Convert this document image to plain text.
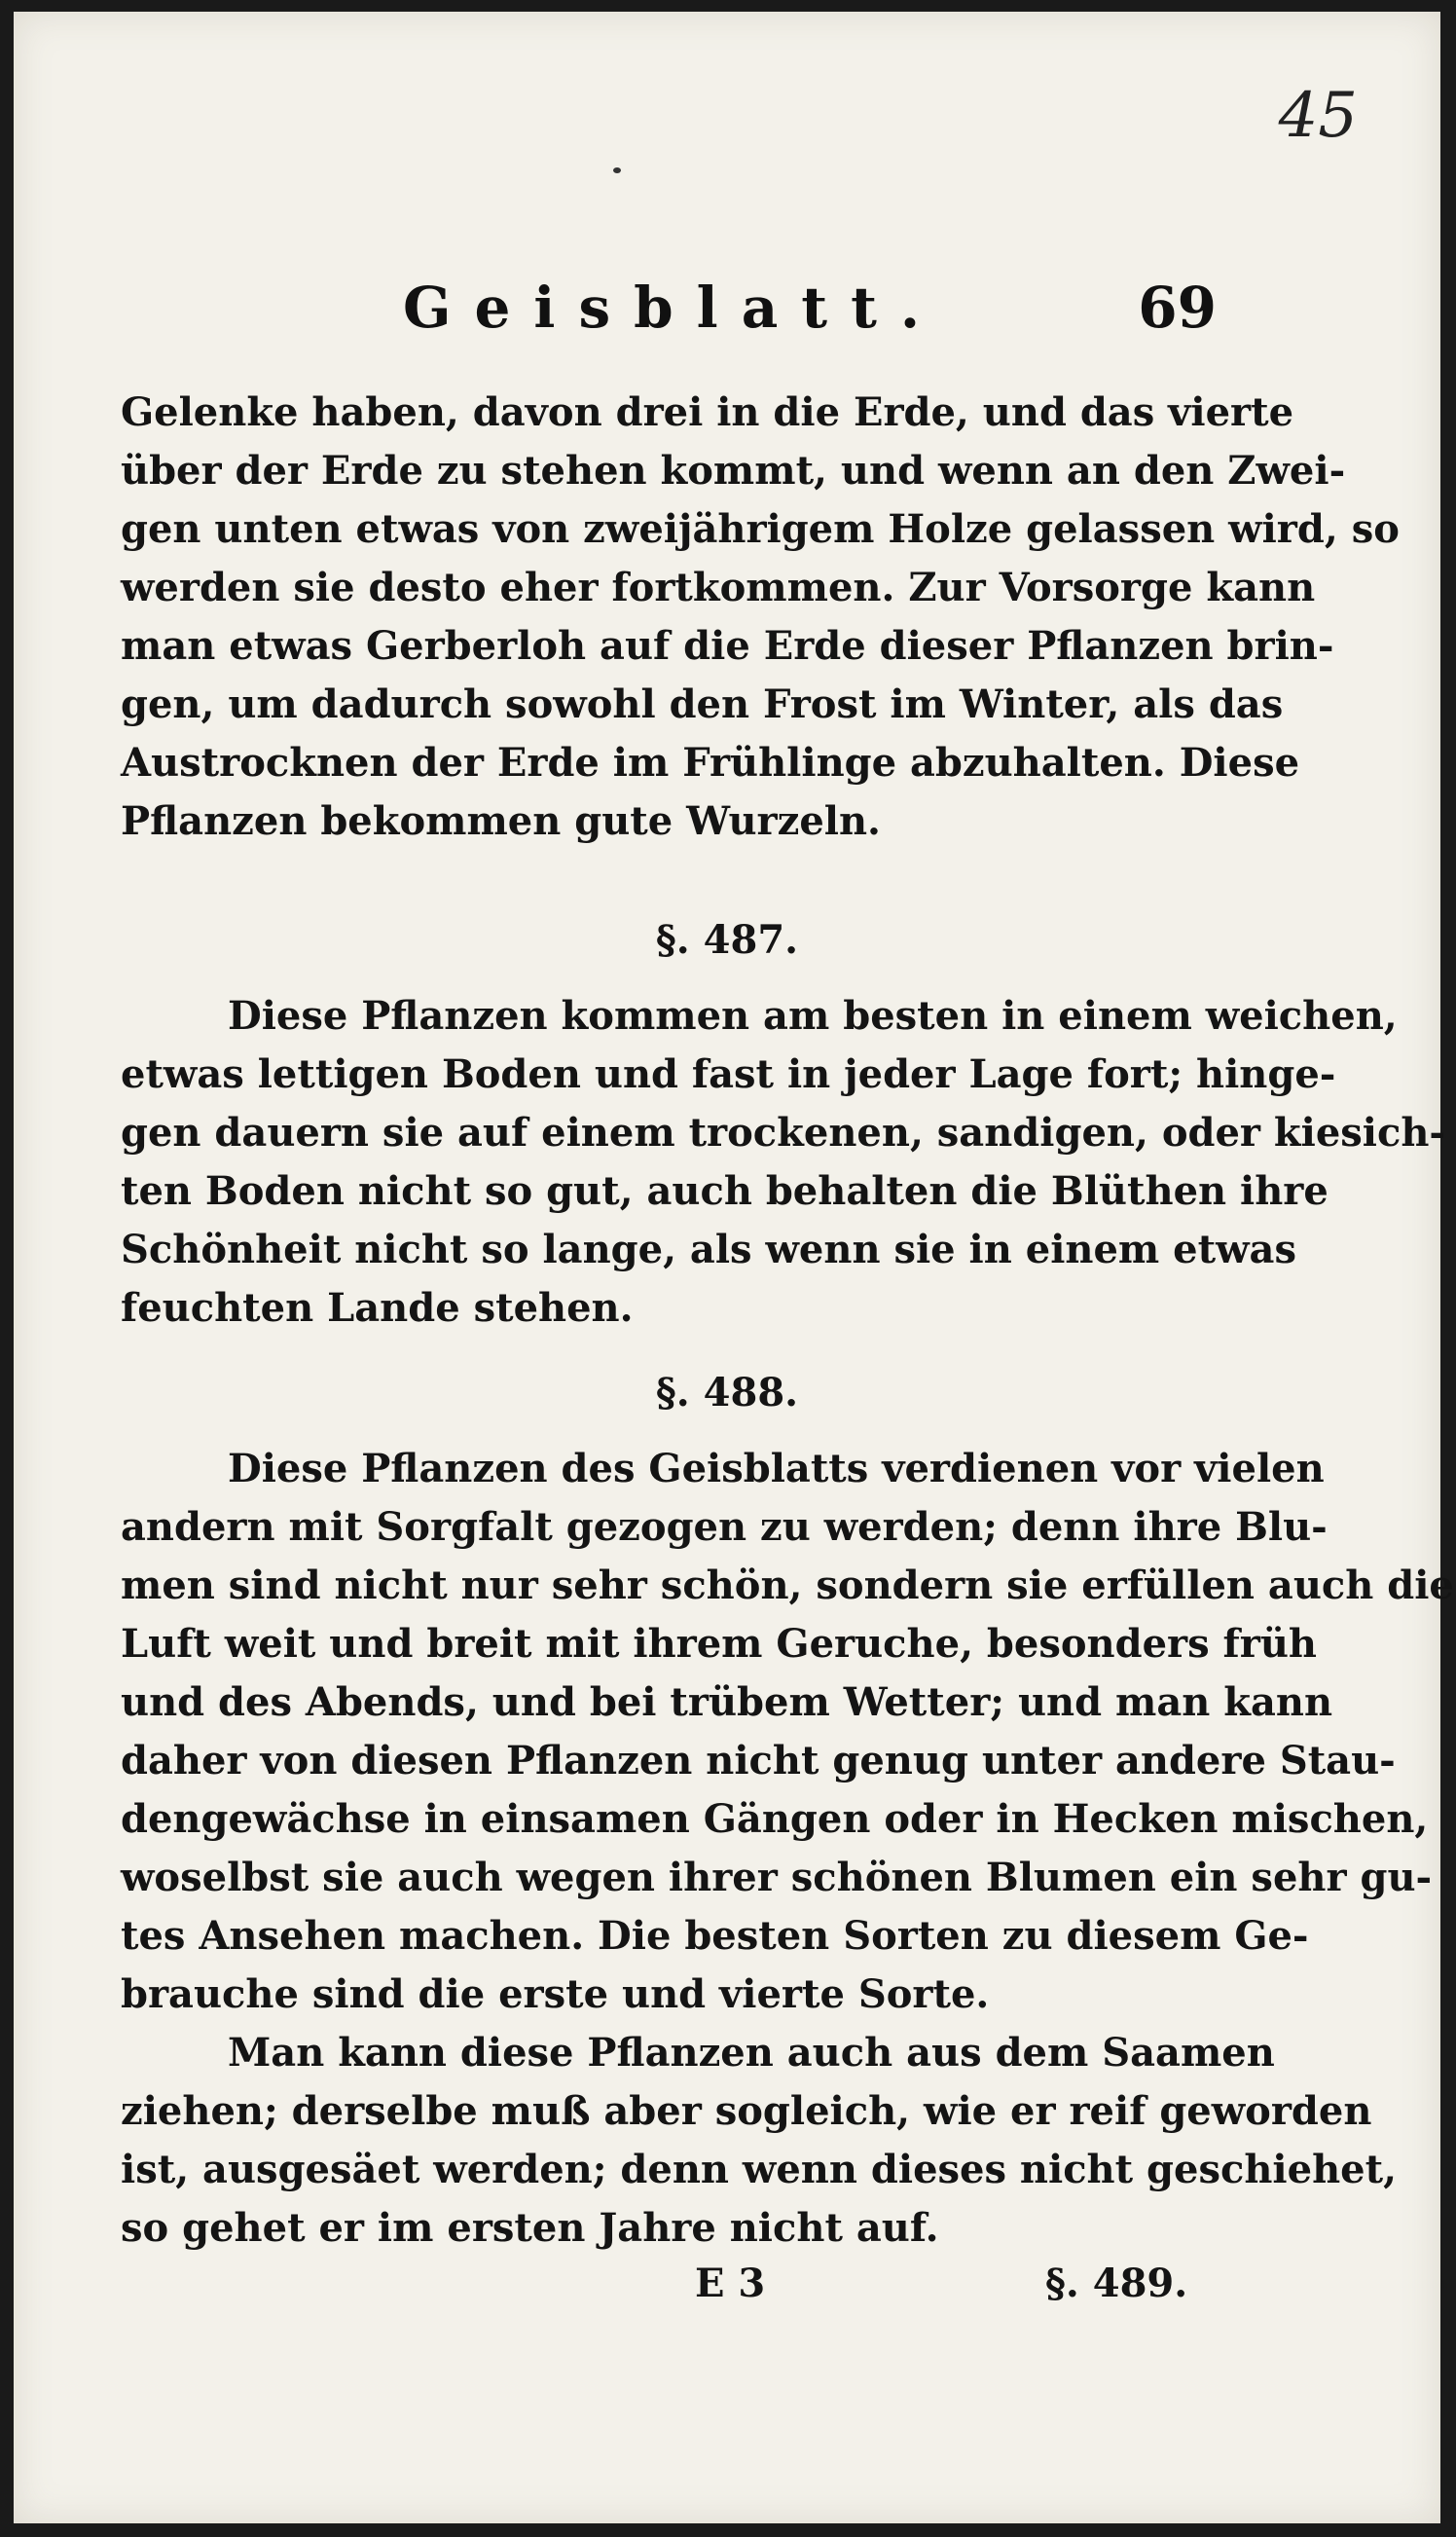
45
Geisblatt.	69
Gelenke haben, davon drei in die Erde, und das vierte
über der Erde zu stehen kommt, und wenn an den Zwei-
gen unten etwas von zweijährigem Holze gelassen wird, so
werden sie desto eher fortkommen. Zur Vorsorge kann
man etwas Gerberloh auf die Erde dieser Pflanzen brin-
gen, um dadurch sowohl den Frost im Winter, als das
Austrocknen der Erde im Frühlinge abzuhalten. Diese
Pflanzen bekommen gute Wurzeln.
§. 487.
Diese Pflanzen kommen am besten in einem weichen,
etwas lettigen Boden und fast in jeder Lage fort; hinge-
gen dauern sie auf einem trockenen, sandigen, oder kiesich-
ten Boden nicht so gut, auch behalten die Blüthen ihre
Schönheit nicht so lange, als wenn sie in einem etwas
feuchten Lande stehen.
§. 488.
Diese Pflanzen des Geisblatts verdienen vor vielen
andern mit Sorgfalt gezogen zu werden; denn ihre Blu-
men sind nicht nur sehr schön, sondern sie erfüllen auch die
Luft weit und breit mit ihrem Geruche, besonders früh
und des Abends, und bei trübem Wetter; und man kann
daher von diesen Pflanzen nicht genug unter andere Stau-
dengewächse in einsamen Gängen oder in Hecken mischen,
woselbst sie auch wegen ihrer schönen Blumen ein sehr gu-
tes Ansehen machen. Die besten Sorten zu diesem Ge-
brauche sind die erste und vierte Sorte.
Man kann diese Pflanzen auch aus dem Saamen
ziehen; derselbe muß aber sogleich, wie er reif geworden
ist, ausgesäet werden; denn wenn dieses nicht geschiehet,
so gehet er im ersten Jahre nicht auf.
E 3	§. 489.
